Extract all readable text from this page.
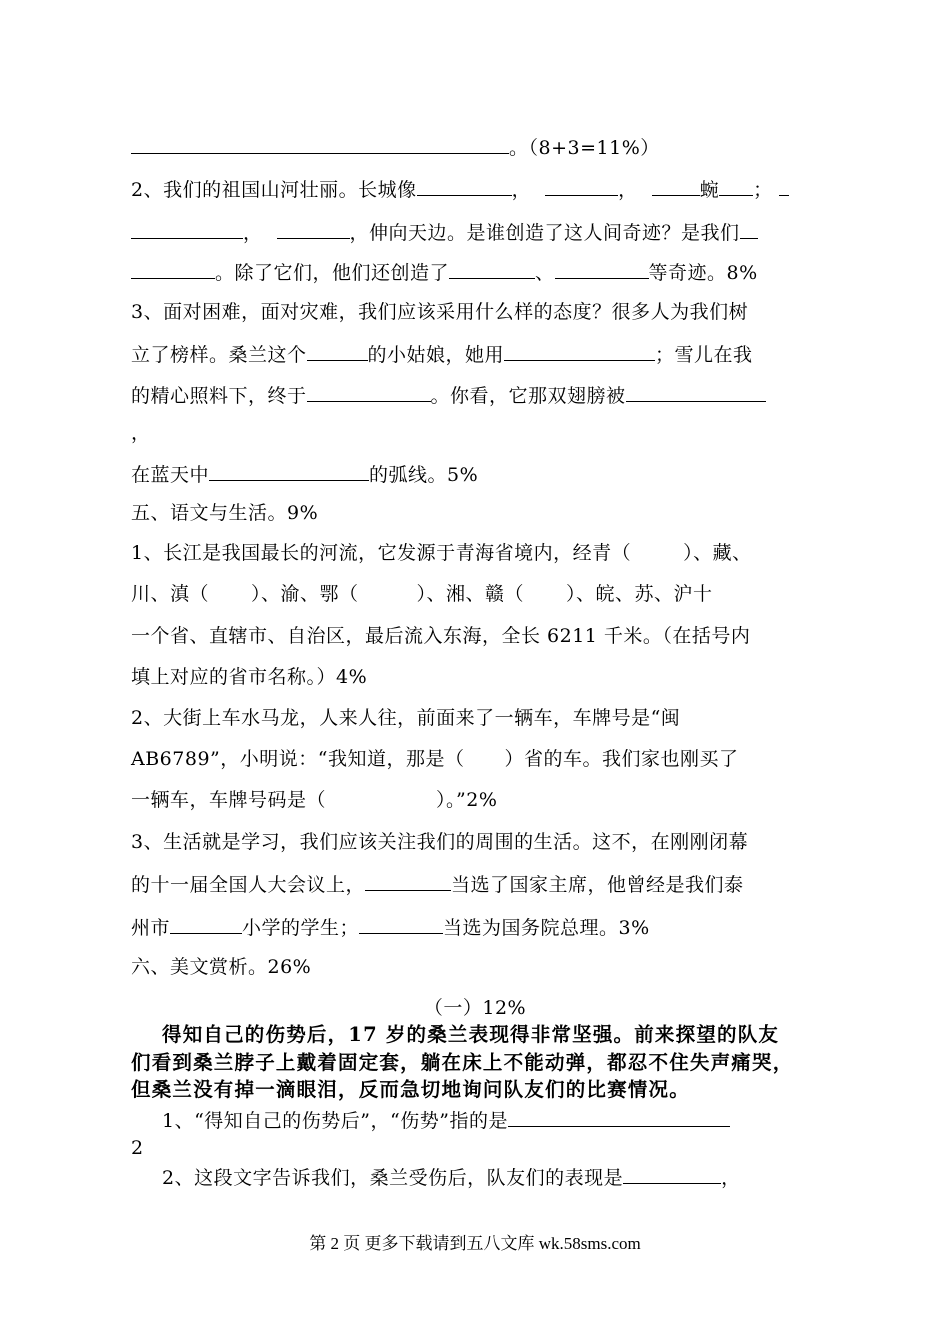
。（8+3=11%）
2、我们的祖国山河壮丽。长城像	，	，	蜿 ；
，	，伸向天边。是谁创造了这人间奇迹？是我们
。除了它们，他们还创造了	、	等奇迹。8%
3、面对困难，面对灾难，我们应该采用什么样的态度？很多人为我们树
立了榜样。桑兰这个	的小姑娘，她用	；雪儿在我
的精心照料下，终于	。你看，它那双翅膀被
，
在蓝天中	的弧线。5%
五、语文与生活。9%
1、长江是我国最长的河流，它发源于青海省境内，经青（	）、藏、
川、滇（ ）、渝、鄂（	）、湘、赣（ ）、皖、苏、沪十
一个省、直辖市、自治区，最后流入东海，全长 6211 千米。（在括号内
填上对应的省市名称。）4%
2、大街上车水马龙，人来人往，前面来了一辆车，车牌号是“闽
AB6789”，小明说：“我知道，那是（ ）省的车。我们家也刚买了
一辆车，车牌号码是（	）。”2%
3、生活就是学习，我们应该关注我们的周围的生活。这不，在刚刚闭幕
的十一届全国人大会议上，	当选了国家主席，他曾经是我们泰
州市	小学的学生；	当选为国务院总理。3%
六、美文赏析。26%
（一）12%
得知自己的伤势后，17 岁的桑兰表现得非常坚强。前来探望的队友
们看到桑兰脖子上戴着固定套，躺在床上不能动弹，都忍不住失声痛哭，
但桑兰没有掉一滴眼泪，反而急切地询问队友们的比赛情况。
1、“得知自己的伤势后”，“伤势”指的是
2
2、这段文字告诉我们，桑兰受伤后，队友们的表现是	，
第 2 页 更多下载请到五八文库 wk.58sms.com
